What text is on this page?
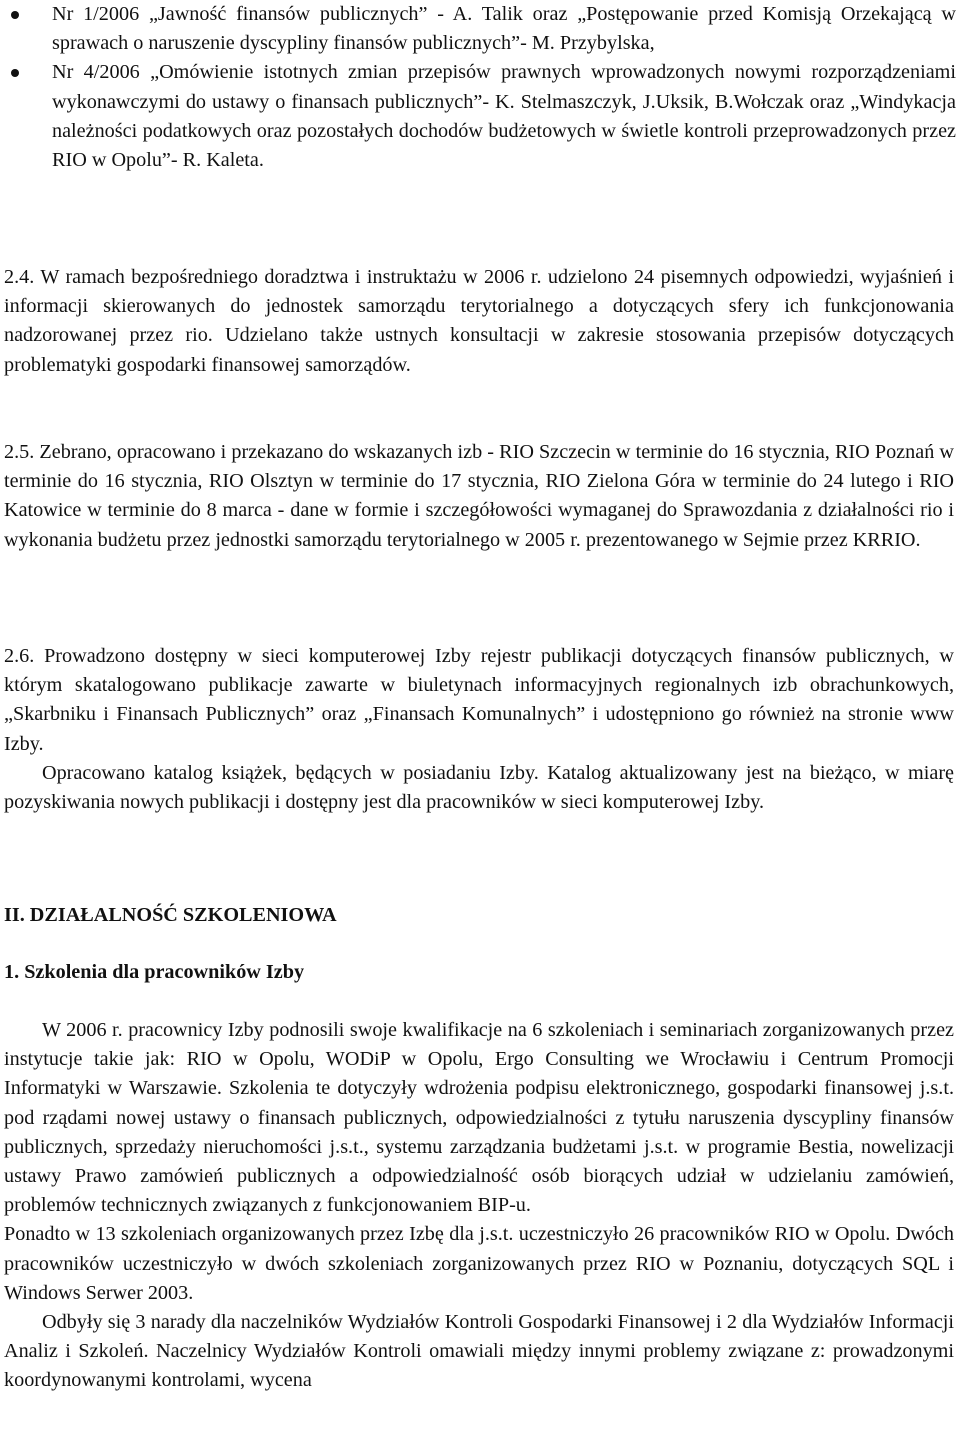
Nr 1/2006 „Jawność finansów publicznych” - A. Talik oraz „Postępowanie przed Komisją Orzekającą w sprawach o naruszenie dyscypliny finansów publicznych”- M. Przybylska,
Nr 4/2006 „Omówienie istotnych zmian przepisów prawnych wprowadzonych nowymi rozporządzeniami wykonawczymi do ustawy o finansach publicznych”- K. Stelmaszczyk, J.Uksik, B.Wołczak oraz „Windykacja należności podatkowych oraz pozostałych dochodów budżetowych w świetle kontroli przeprowadzonych przez RIO w Opolu”- R. Kaleta.

2.4. W ramach bezpośredniego doradztwa i instruktażu w 2006 r. udzielono 24 pisemnych odpowiedzi, wyjaśnień i informacji skierowanych do jednostek samorządu terytorialnego a dotyczących sfery ich funkcjonowania nadzorowanej przez rio. Udzielano także ustnych konsultacji w zakresie stosowania przepisów dotyczących problematyki gospodarki finansowej samorządów.

2.5. Zebrano, opracowano i przekazano do wskazanych izb - RIO Szczecin w terminie do 16 stycznia, RIO Poznań w terminie do 16 stycznia, RIO Olsztyn w terminie do 17 stycznia, RIO Zielona Góra w terminie do 24 lutego i RIO Katowice w terminie do 8 marca - dane w formie i szczegółowości wymaganej do Sprawozdania z działalności rio i wykonania budżetu przez jednostki samorządu terytorialnego w 2005 r. prezentowanego w Sejmie przez KRRIO.

2.6. Prowadzono dostępny w sieci komputerowej Izby rejestr publikacji dotyczących finansów publicznych, w którym skatalogowano publikacje zawarte w biuletynach informacyjnych regionalnych izb obrachunkowych, „Skarbniku i Finansach Publicznych” oraz „Finansach Komunalnych” i udostępniono go również na stronie www Izby.

Opracowano katalog książek, będących w posiadaniu Izby. Katalog aktualizowany jest na bieżąco, w miarę pozyskiwania nowych publikacji i dostępny jest dla pracowników w sieci komputerowej Izby.

II. DZIAŁALNOŚĆ SZKOLENIOWA
1. Szkolenia dla pracowników Izby

W 2006 r. pracownicy Izby podnosili swoje kwalifikacje na 6 szkoleniach i seminariach zorganizowanych przez instytucje takie jak: RIO w Opolu, WODiP w Opolu, Ergo Consulting we Wrocławiu i Centrum Promocji Informatyki w Warszawie. Szkolenia te dotyczyły wdrożenia podpisu elektronicznego, gospodarki finansowej j.s.t. pod rządami nowej ustawy o finansach publicznych, odpowiedzialności z tytułu naruszenia dyscypliny finansów publicznych, sprzedaży nieruchomości j.s.t., systemu zarządzania budżetami j.s.t. w programie Bestia, nowelizacji ustawy Prawo zamówień publicznych a odpowiedzialność osób biorących udział w udzielaniu zamówień, problemów technicznych związanych z funkcjonowaniem BIP-u.

Ponadto w 13 szkoleniach organizowanych przez Izbę dla j.s.t. uczestniczyło 26 pracowników RIO w Opolu. Dwóch pracowników uczestniczyło w dwóch szkoleniach zorganizowanych przez RIO w Poznaniu, dotyczących SQL i Windows Serwer 2003.

Odbyły się 3 narady dla naczelników Wydziałów Kontroli Gospodarki Finansowej i 2 dla Wydziałów Informacji Analiz i Szkoleń. Naczelnicy Wydziałów Kontroli omawiali między innymi problemy związane z: prowadzonymi koordynowanymi kontrolami, wycena
